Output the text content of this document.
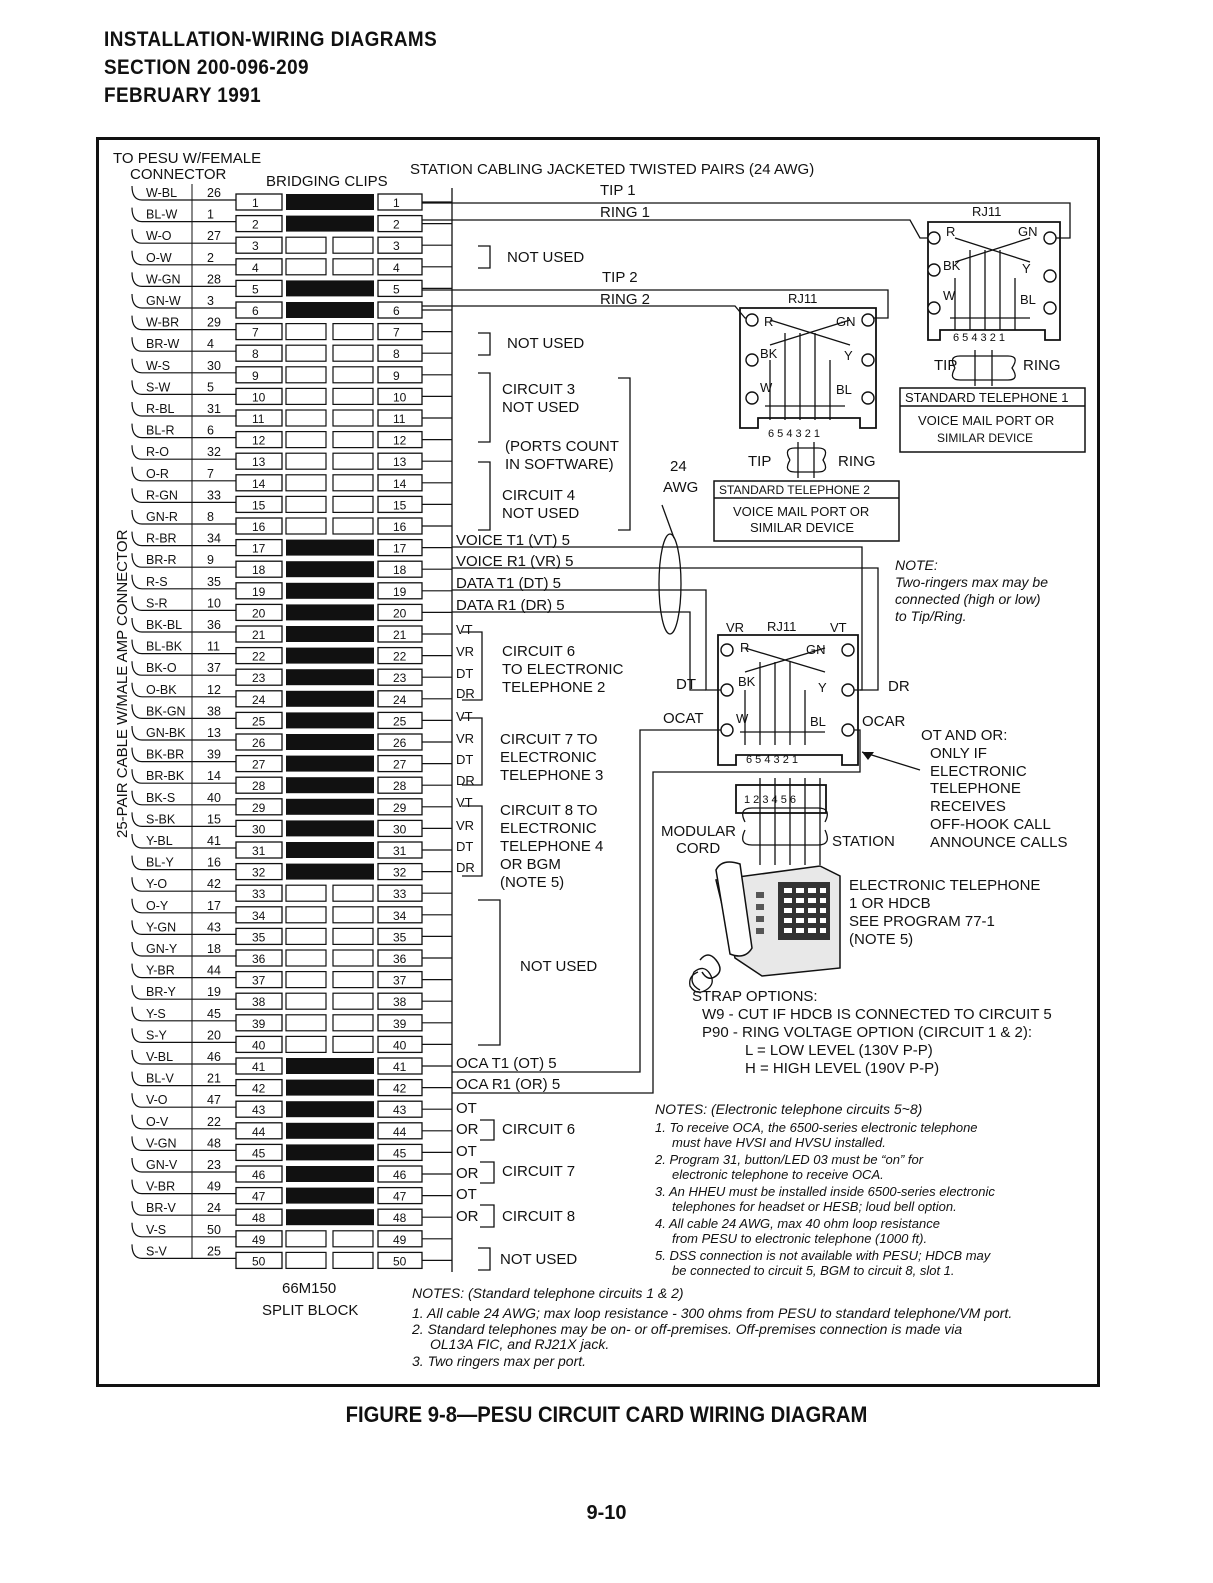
INSTALLATION-WIRING DIAGRAMS
SECTION 200-096-209
FEBRUARY 1991
W-BL 26
BL-W 1
W-O	27
O-W	2
W-GN 28
GN-W 3
W-BR 29
BR-W 4
W-S	30
S-W	5
R-BL	31
BL-R	6
R-O	32
O-R	7
R-GN 33
GN-R 8
R-BR 34
BR-R 9
R-S	35
S-R	10
BK-BL 36
BL-BK 11
BK-O 37
O-BK 12
BK-GN 38
GN-BK 13
BK-BR 39
BR-BK 14
BK-S	40
S-BK	15
Y-BL	41
BL-Y	16
Y-O	42
O-Y	17
Y-GN 43
GN-Y 18
Y-BR	44
BR-Y 19
Y-S	45
S-Y	20
V-BL	46
BL-V	21
V-O	47
O-V	22
V-GN 48
GN-V 23
V-BR	49
BR-V 24
V-S	50
S-V	25
1	1
2	2
3	3
4	4
5	5
6	6
7	7
8	8
9	9
10	10
11	11
12	12
13	13
14	14
15	15
16	16
17	17
18	18
19	19
20	20
21	21
22	22
23	23
24	24
25	25
26	26
27	27
28	28
29	29
30	30
31	31
32	32
33	33
34	34
35	35
36	36
37	37
38	38
39	39
40	40
41	41
42	42
43	43
44	44
45	45
46	46
47	47
48	48
49	49
50	50
TO PESU W/FEMALE
CONNECTOR	BRIDGING CLIPS
STATION CABLING JACKETED TWISTED PAIRS (24 AWG)
TIP 1
RING 1
TIP 2
RING 2
NOT USED
NOT USED
CIRCUIT 3
NOT USED
(PORTS COUNT
IN SOFTWARE)
CIRCUIT 4
NOT USED
24
AWG
VOICE T1 (VT) 5
VOICE R1 (VR) 5
DATA T1 (DT) 5
DATA R1 (DR) 5
CIRCUIT 6
TO ELECTRONIC
TELEPHONE 2
CIRCUIT 7 TO
ELECTRONIC
TELEPHONE 3
CIRCUIT 8 TO
ELECTRONIC
TELEPHONE 4
OR BGM
(NOTE 5)
NOT USED
OCA T1 (OT) 5
OCA R1 (OR) 5
CIRCUIT 6
CIRCUIT 7
CIRCUIT 8
NOT USED
66M150
SPLIT BLOCK
VT
VR
DT
DR
VT
VR
DT
DR
VT
VR
DT
DR
OT
OR
OT
OR
OT
OR
RJ11
R	GN
BK	Y
W	BL
6 5 4 3 2 1
RJ11
R	GN
BK	Y
W	BL
6 5 4 3 2 1
RJ11
VR	VT
R	GN
BK	Y
W	BL
6 5 4 3 2 1
1 2 3 4 5 6
TIP	RING
TIP	RING
DT	DR
OCAT	OCAR
STANDARD TELEPHONE 1
VOICE MAIL PORT OR
SIMILAR DEVICE
STANDARD TELEPHONE 2
VOICE MAIL PORT OR
SIMILAR DEVICE
NOTE:
Two-ringers max may be
connected (high or low)
to Tip/Ring.
OT AND OR:
ONLY IF
ELECTRONIC
TELEPHONE
RECEIVES
OFF-HOOK CALL
ANNOUNCE CALLS
MODULAR
CORD	STATION
ELECTRONIC TELEPHONE
1 OR HDCB
SEE PROGRAM 77-1
(NOTE 5)
STRAP OPTIONS:
W9 - CUT IF HDCB IS CONNECTED TO CIRCUIT 5
P90 - RING VOLTAGE OPTION (CIRCUIT 1 & 2):
L = LOW LEVEL (130V P-P)
H = HIGH LEVEL (190V P-P)
NOTES: (Electronic telephone circuits 5~8)
1. To receive OCA, the 6500-series electronic telephone
must have HVSI and HVSU installed.
2. Program 31, button/LED 03 must be “on” for
electronic telephone to receive OCA.
3. An HHEU must be installed inside 6500-series electronic
telephones for headset or HESB; loud bell option.
4. All cable 24 AWG, max 40 ohm loop resistance
from PESU to electronic telephone (1000 ft).
5. DSS connection is not available with PESU; HDCB may
be connected to circuit 5, BGM to circuit 8, slot 1.
NOTES: (Standard telephone circuits 1 & 2)
1. All cable 24 AWG; max loop resistance - 300 ohms from PESU to standard telephone/VM port.
2. Standard telephones may be on- or off-premises. Off-premises connection is made via
OL13A FIC, and RJ21X jack.
3. Two ringers max per port.
25-PAIR CABLE W/MALE AMP CONNECTOR
FIGURE 9-8—PESU CIRCUIT CARD WIRING DIAGRAM
9-10
